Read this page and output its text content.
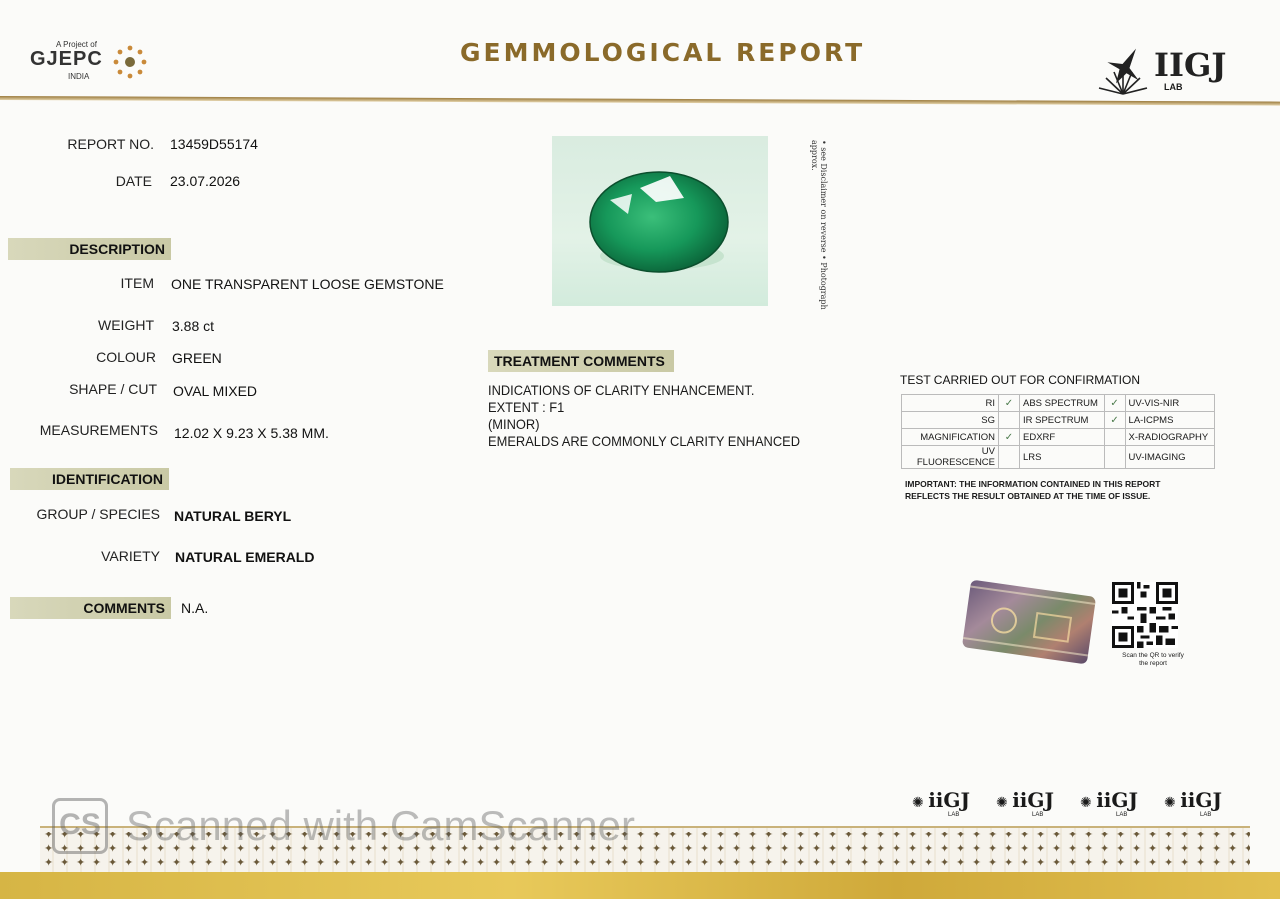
A Project of
GJEPC
INDIA
GEMMOLOGICAL REPORT	IIGJ
LAB
REPORT NO. 13459D55174
DATE 23.07.2026
DESCRIPTION
ITEM ONE TRANSPARENT LOOSE GEMSTONE
WEIGHT 3.88 ct
COLOUR GREEN
SHAPE / CUT OVAL MIXED
MEASUREMENTS 12.02 X 9.23 X 5.38 MM.
IDENTIFICATION
GROUP / SPECIES NATURAL BERYL
VARIETY NATURAL EMERALD
COMMENTS	N.A.
• see Disclaimer on reverse • Photograph approx.
TREATMENT COMMENTS
INDICATIONS OF CLARITY ENHANCEMENT. EXTENT : F1
(MINOR)
EMERALDS ARE COMMONLY CLARITY ENHANCED
TEST CARRIED OUT FOR CONFIRMATION
RI	✓	ABS SPECTRUM	✓	UV-VIS-NIR
SG		IR SPECTRUM	✓	LA-ICPMS
MAGNIFICATION	✓	EDXRF		X-RADIOGRAPHY
UV FLUORESCENCE		LRS		UV-IMAGING
IMPORTANT: THE INFORMATION CONTAINED IN THIS REPORT REFLECTS THE RESULT OBTAINED AT THE TIME OF ISSUE.
Scan the QR to verify the report
✺ iiGJ
LAB
✺ iiGJ
LAB
✺ iiGJ
LAB
✺ iiGJ
LAB
CS Scanned with CamScanner
